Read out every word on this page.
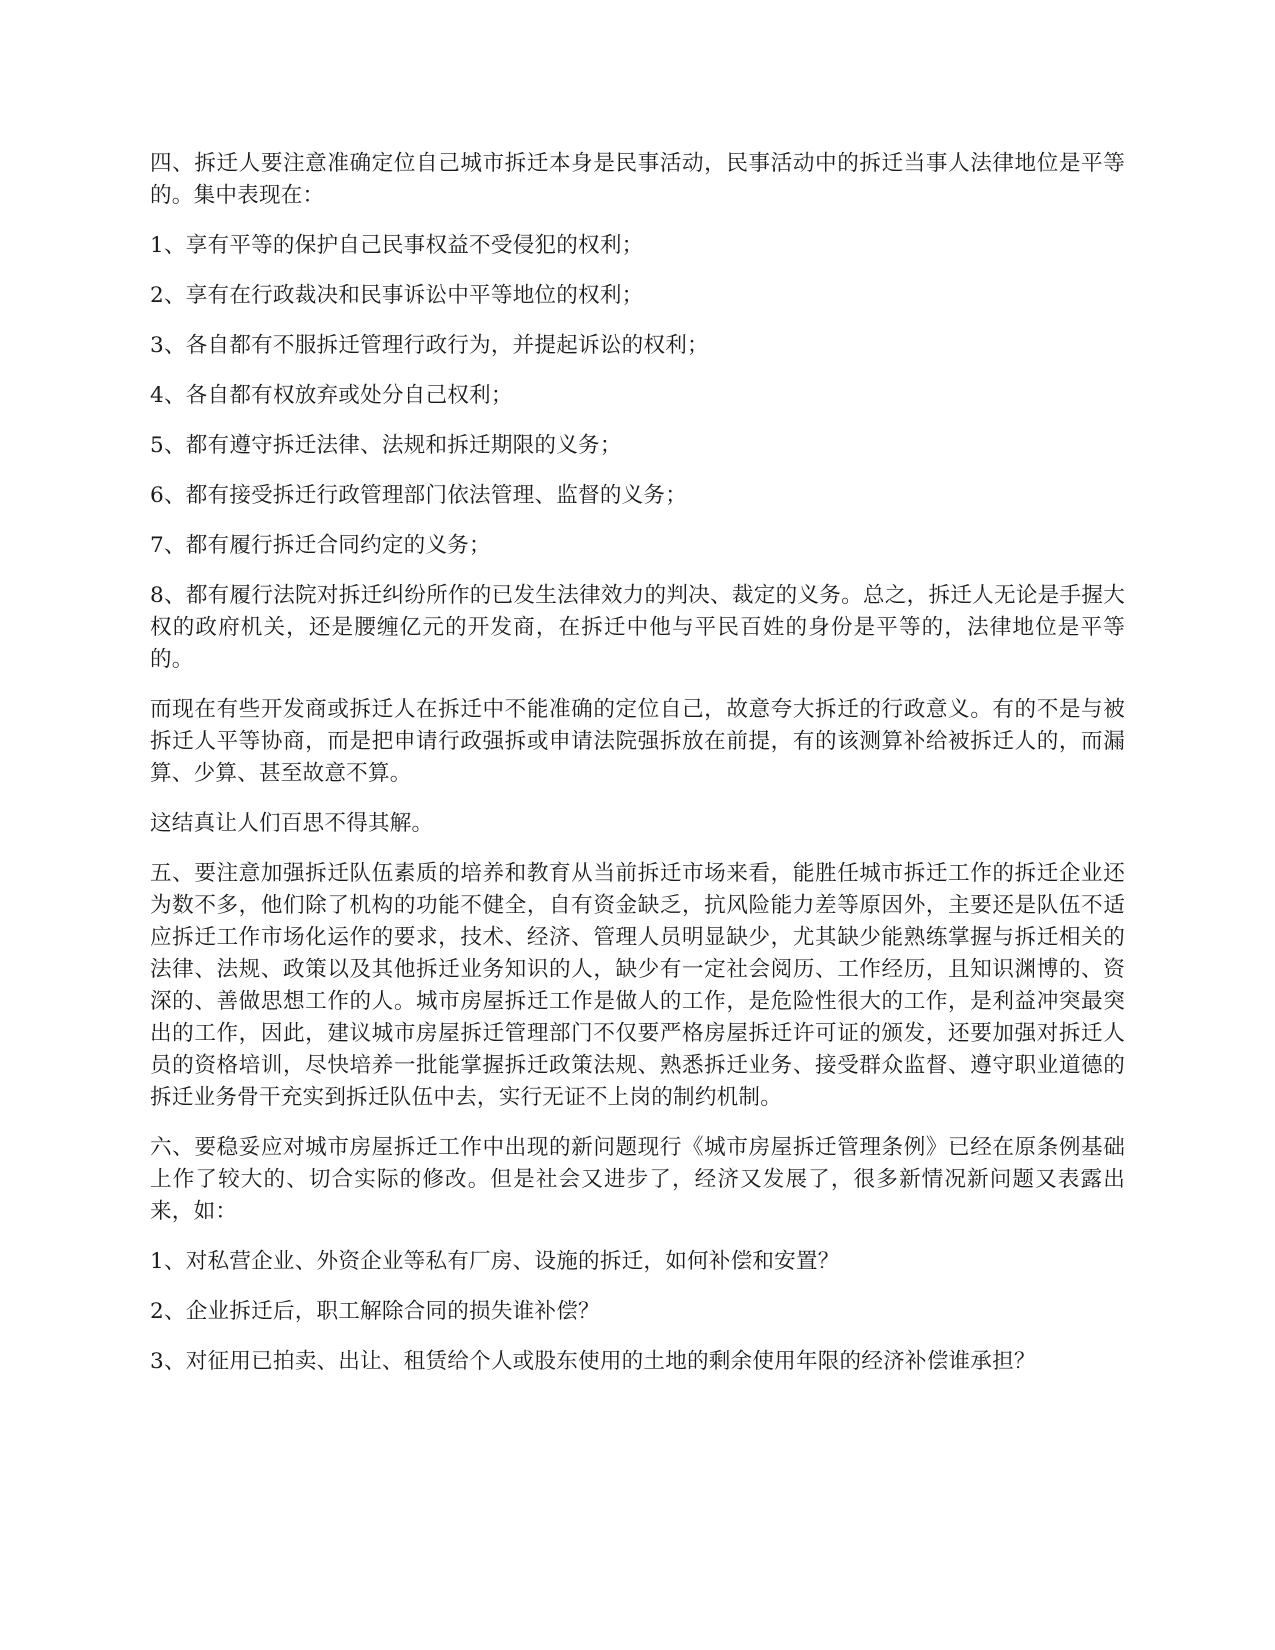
四、拆迁人要注意准确定位自己城市拆迁本身是民事活动，民事活动中的拆迁当事人法律地位是平等的。集中表现在：

1、享有平等的保护自己民事权益不受侵犯的权利；

2、享有在行政裁决和民事诉讼中平等地位的权利；

3、各自都有不服拆迁管理行政行为，并提起诉讼的权利；

4、各自都有权放弃或处分自己权利；

5、都有遵守拆迁法律、法规和拆迁期限的义务；

6、都有接受拆迁行政管理部门依法管理、监督的义务；

7、都有履行拆迁合同约定的义务；

8、都有履行法院对拆迁纠纷所作的已发生法律效力的判决、裁定的义务。总之，拆迁人无论是手握大权的政府机关，还是腰缠亿元的开发商，在拆迁中他与平民百姓的身份是平等的，法律地位是平等的。

而现在有些开发商或拆迁人在拆迁中不能准确的定位自己，故意夸大拆迁的行政意义。有的不是与被拆迁人平等协商，而是把申请行政强拆或申请法院强拆放在前提，有的该测算补给被拆迁人的，而漏算、少算、甚至故意不算。

这结真让人们百思不得其解。

五、要注意加强拆迁队伍素质的培养和教育从当前拆迁市场来看，能胜任城市拆迁工作的拆迁企业还为数不多，他们除了机构的功能不健全，自有资金缺乏，抗风险能力差等原因外，主要还是队伍不适应拆迁工作市场化运作的要求，技术、经济、管理人员明显缺少，尤其缺少能熟练掌握与拆迁相关的法律、法规、政策以及其他拆迁业务知识的人，缺少有一定社会阅历、工作经历，且知识渊博的、资深的、善做思想工作的人。城市房屋拆迁工作是做人的工作，是危险性很大的工作，是利益冲突最突出的工作，因此，建议城市房屋拆迁管理部门不仅要严格房屋拆迁许可证的颁发，还要加强对拆迁人员的资格培训，尽快培养一批能掌握拆迁政策法规、熟悉拆迁业务、接受群众监督、遵守职业道德的拆迁业务骨干充实到拆迁队伍中去，实行无证不上岗的制约机制。

六、要稳妥应对城市房屋拆迁工作中出现的新问题现行《城市房屋拆迁管理条例》已经在原条例基础上作了较大的、切合实际的修改。但是社会又进步了，经济又发展了，很多新情况新问题又表露出来，如：

1、对私营企业、外资企业等私有厂房、设施的拆迁，如何补偿和安置？

2、企业拆迁后，职工解除合同的损失谁补偿？

3、对征用已拍卖、出让、租赁给个人或股东使用的土地的剩余使用年限的经济补偿谁承担？
